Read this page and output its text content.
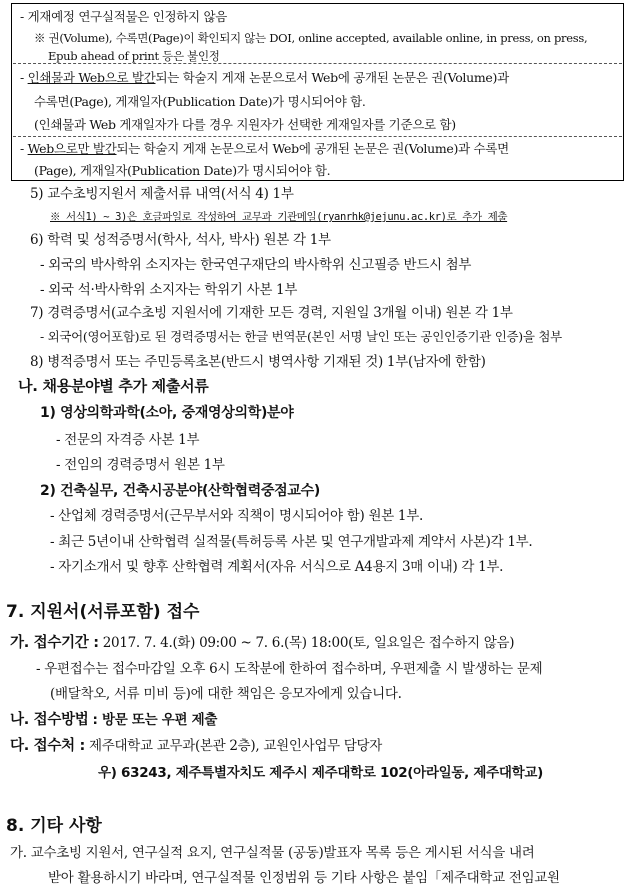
- 게재예정 연구실적물은 인정하지 않음
※ 권(Volume), 수록면(Page)이 확인되지 않는 DOI, online accepted, available online, in press, on press,
Epub ahead of print 등은 불인정
- 인쇄물과 Web으로 발간되는 학술지 게재 논문으로서 Web에 공개된 논문은 권(Volume)과
수록면(Page), 게재일자(Publication Date)가 명시되어야 함.
(인쇄물과 Web 게재일자가 다를 경우 지원자가 선택한 게재일자를 기준으로 함)
- Web으로만 발간되는 학술지 게재 논문으로서 Web에 공개된 논문은 권(Volume)과 수록면
(Page), 게재일자(Publication Date)가 명시되어야 함.
5) 교수초빙지원서 제출서류 내역(서식 4) 1부
※ 서식1) ~ 3)은 호글파일로 작성하여 교무과 기관메일(ryanrhk@jejunu.ac.kr)로 추가 제출
6) 학력 및 성적증명서(학사, 석사, 박사) 원본 각 1부
- 외국의 박사학위 소지자는 한국연구재단의 박사학위 신고필증 반드시 첨부
- 외국 석·박사학위 소지자는 학위기 사본 1부
7) 경력증명서(교수초빙 지원서에 기재한 모든 경력, 지원일 3개월 이내) 원본 각 1부
- 외국어(영어포함)로 된 경력증명서는 한글 번역문(본인 서명 날인 또는 공인인증기관 인증)을 첨부
8) 병적증명서 또는 주민등록초본(반드시 병역사항 기재된 것) 1부(남자에 한함)
나. 채용분야별 추가 제출서류
1) 영상의학과학(소아, 중재영상의학)분야
- 전문의 자격증 사본 1부
- 전임의 경력증명서 원본 1부
2) 건축실무, 건축시공분야(산학협력중점교수)
- 산업체 경력증명서(근무부서와 직책이 명시되어야 함) 원본 1부.
- 최근 5년이내 산학협력 실적물(특허등록 사본 및 연구개발과제 계약서 사본)각 1부.
- 자기소개서 및 향후 산학협력 계획서(자유 서식으로 A4용지 3매 이내) 각 1부.
7. 지원서(서류포함) 접수
가. 접수기간 : 2017. 7. 4.(화) 09:00 ~ 7. 6.(목) 18:00(토, 일요일은 접수하지 않음)
- 우편접수는 접수마감일 오후 6시 도착분에 한하여 접수하며, 우편제출 시 발생하는 문제
(배달착오, 서류 미비 등)에 대한 책임은 응모자에게 있습니다.
나. 접수방법 : 방문 또는 우편 제출
다. 접수처 : 제주대학교 교무과(본관 2층), 교원인사업무 담당자
우) 63243, 제주특별자치도 제주시 제주대학로 102(아라일동, 제주대학교)
8. 기타 사항
가. 교수초빙 지원서, 연구실적 요지, 연구실적물 (공동)발표자 목록 등은 게시된 서식을 내려
받아 활용하시기 바라며, 연구실적물 인정범위 등 기타 사항은 붙임「제주대학교 전임교원
